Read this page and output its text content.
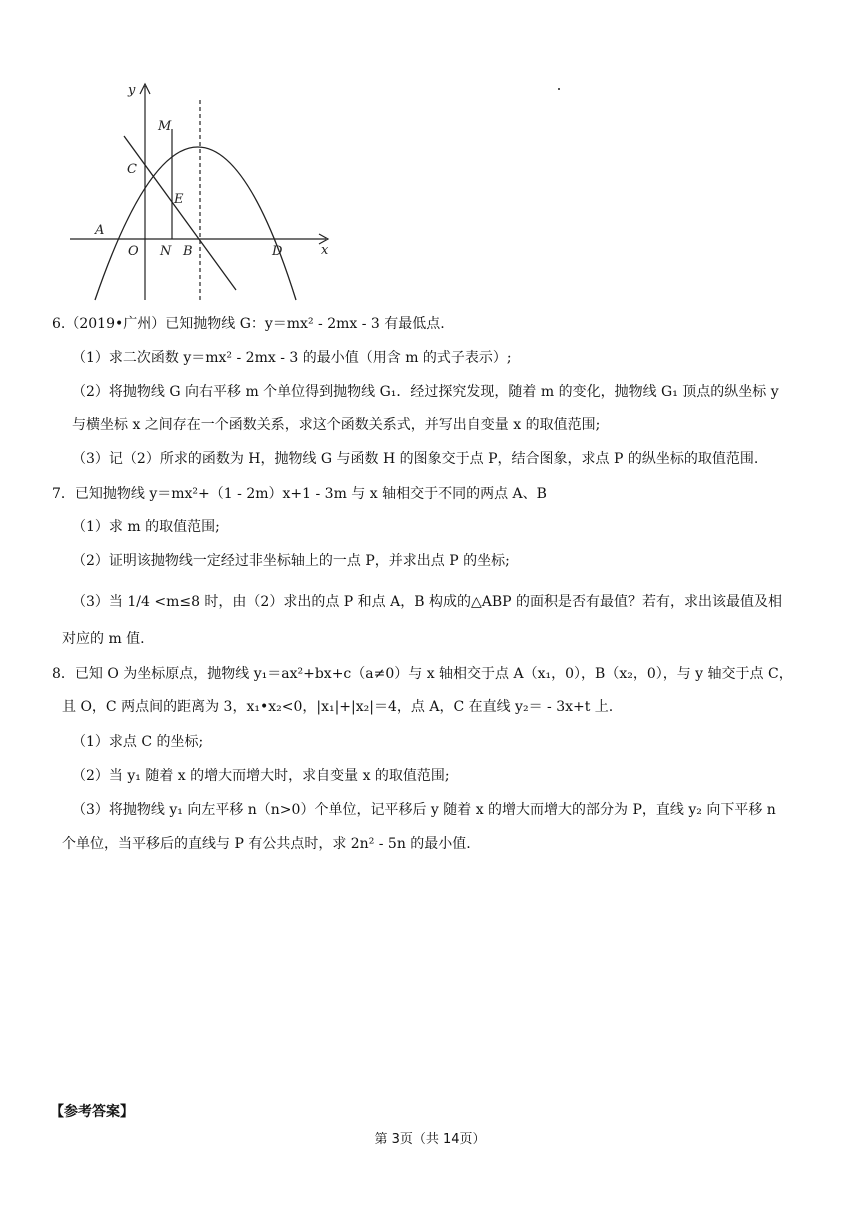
y
x
M
C
E
A
O N B	D
6.（2019•广州）已知抛物线 G：y＝mx² - 2mx - 3 有最低点.
（1）求二次函数 y＝mx² - 2mx - 3 的最小值（用含 m 的式子表示）;
（2）将抛物线 G 向右平移 m 个单位得到抛物线 G₁．经过探究发现，随着 m 的变化，抛物线 G₁ 顶点的纵坐标 y
与横坐标 x 之间存在一个函数关系，求这个函数关系式，并写出自变量 x 的取值范围;
（3）记（2）所求的函数为 H，抛物线 G 与函数 H 的图象交于点 P，结合图象，求点 P 的纵坐标的取值范围.
7．已知抛物线 y＝mx²+（1 - 2m）x+1 - 3m 与 x 轴相交于不同的两点 A、B
（1）求 m 的取值范围;
（2）证明该抛物线一定经过非坐标轴上的一点 P，并求出点 P 的坐标;
（3）当 1/4 <m≤8 时，由（2）求出的点 P 和点 A，B 构成的△ABP 的面积是否有最值？若有，求出该最值及相
对应的 m 值.
8．已知 O 为坐标原点，抛物线 y₁＝ax²+bx+c（a≠0）与 x 轴相交于点 A（x₁，0），B（x₂，0），与 y 轴交于点 C，
且 O，C 两点间的距离为 3，x₁•x₂<0，|x₁|+|x₂|＝4，点 A，C 在直线 y₂＝ - 3x+t 上.
（1）求点 C 的坐标;
（2）当 y₁ 随着 x 的增大而增大时，求自变量 x 的取值范围;
（3）将抛物线 y₁ 向左平移 n（n>0）个单位，记平移后 y 随着 x 的增大而增大的部分为 P，直线 y₂ 向下平移 n
个单位，当平移后的直线与 P 有公共点时，求 2n² - 5n 的最小值.
【参考答案】
第 3页（共 14页）
